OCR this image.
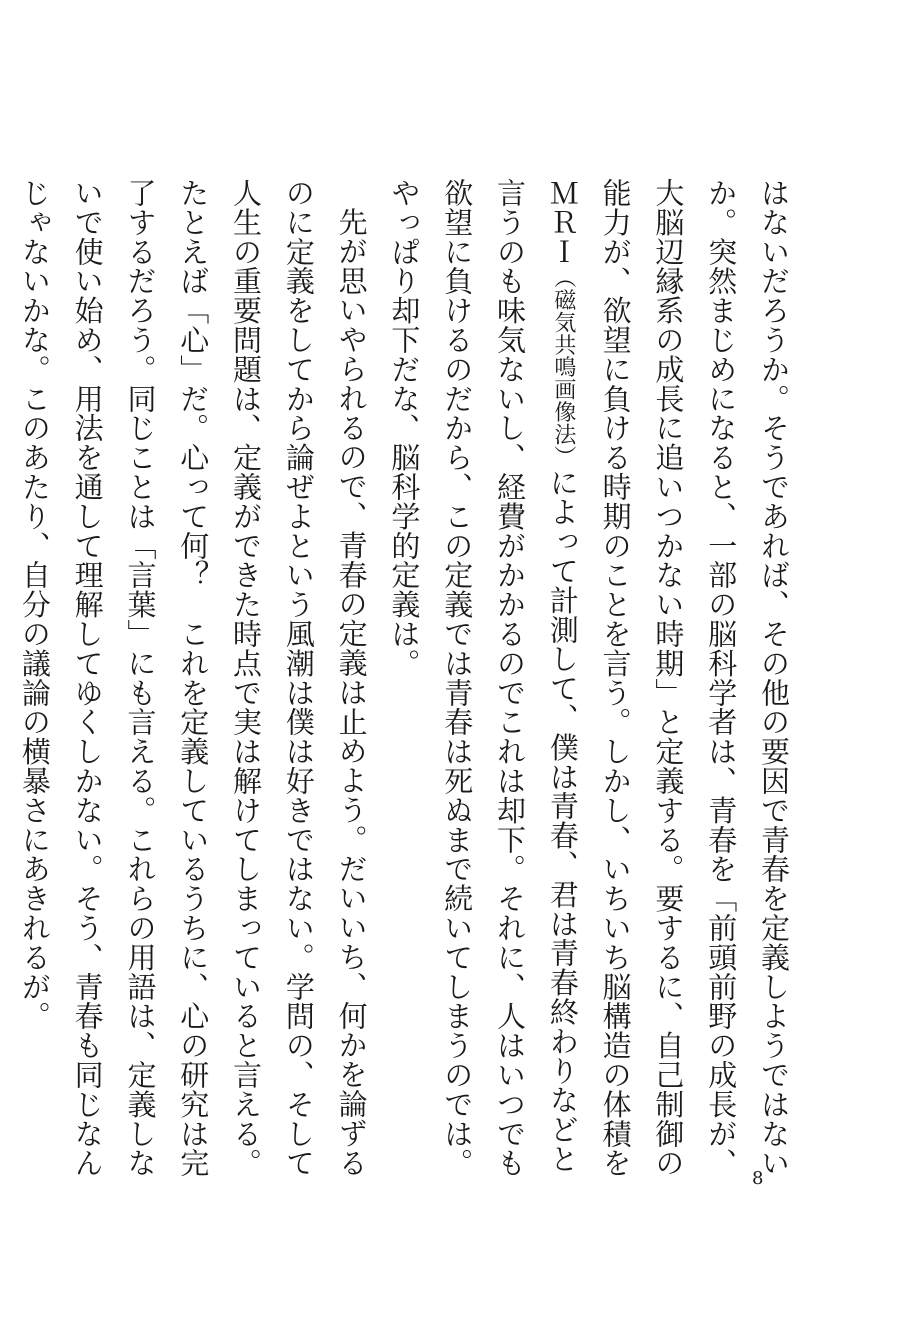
はないだろうか。そうであれば、その他の要因で青春を定義しようではないか。突然まじめになると、一部の脳科学者は、青春を「前頭前野の成長が、大脳辺縁系の成長に追いつかない時期」と定義する。要するに、自己制御の能力が、欲望に負ける時期のことを言う。しかし、いちいち脳構造の体積をＭＲＩ（磁気共鳴画像法）によって計測して、僕は青春、君は青春終わりなどと言うのも味気ないし、経費がかかるのでこれは却下。それに、人はいつでも欲望に負けるのだから、この定義では青春は死ぬまで続いてしまうのでは。やっぱり却下だな、脳科学的定義は。

先が思いやられるので、青春の定義は止めよう。だいいち、何かを論ずるのに定義をしてから論ぜよという風潮は僕は好きではない。学問の、そして人生の重要問題は、定義ができた時点で実は解けてしまっていると言える。たとえば「心」だ。心って何？　これを定義しているうちに、心の研究は完了するだろう。同じことは「言葉」にも言える。これらの用語は、定義しないで使い始め、用法を通して理解してゆくしかない。そう、青春も同じなんじゃないかな。このあたり、自分の議論の横暴さにあきれるが。

8
